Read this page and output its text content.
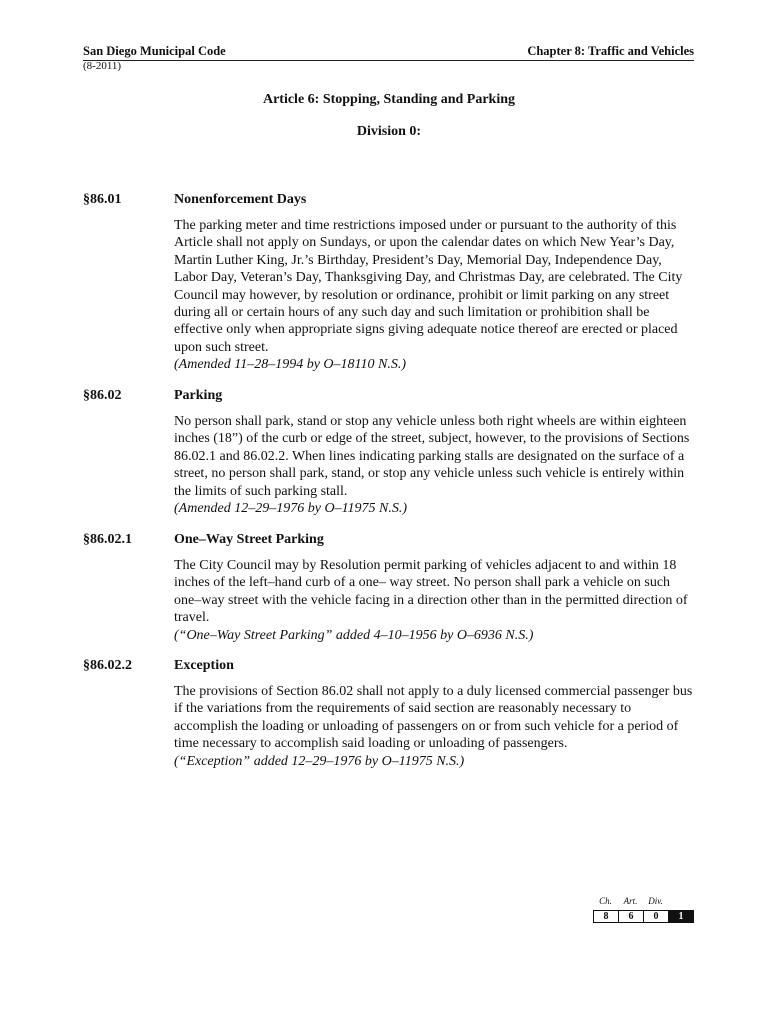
San Diego Municipal Code
(8-2011)
Chapter 8: Traffic and Vehicles
Article 6: Stopping, Standing and Parking
Division 0:
§86.01	Nonenforcement Days

The parking meter and time restrictions imposed under or pursuant to the authority of this Article shall not apply on Sundays, or upon the calendar dates on which New Year’s Day, Martin Luther King, Jr.’s Birthday, President’s Day, Memorial Day, Independence Day, Labor Day, Veteran’s Day, Thanksgiving Day, and Christmas Day, are celebrated. The City Council may however, by resolution or ordinance, prohibit or limit parking on any street during all or certain hours of any such day and such limitation or prohibition shall be effective only when appropriate signs giving adequate notice thereof are erected or placed upon such street.

(Amended 11–28–1994 by O–18110 N.S.)

§86.02	Parking

No person shall park, stand or stop any vehicle unless both right wheels are within eighteen inches (18”) of the curb or edge of the street, subject, however, to the provisions of Sections 86.02.1 and 86.02.2. When lines indicating parking stalls are designated on the surface of a street, no person shall park, stand, or stop any vehicle unless such vehicle is entirely within the limits of such parking stall.

(Amended 12–29–1976 by O–11975 N.S.)

§86.02.1	One–Way Street Parking

The City Council may by Resolution permit parking of vehicles adjacent to and within 18 inches of the left–hand curb of a one– way street. No person shall park a vehicle on such one–way street with the vehicle facing in a direction other than in the permitted direction of travel.

(“One–Way Street Parking” added 4–10–1956 by O–6936 N.S.)

§86.02.2	Exception

The provisions of Section 86.02 shall not apply to a duly licensed commercial passenger bus if the variations from the requirements of said section are reasonably necessary to accomplish the loading or unloading of passengers on or from such vehicle for a period of time necessary to accomplish said loading or unloading of passengers.

(“Exception” added 12–29–1976 by O–11975 N.S.)

Ch.	Art.	Div.
8	6	0	1
